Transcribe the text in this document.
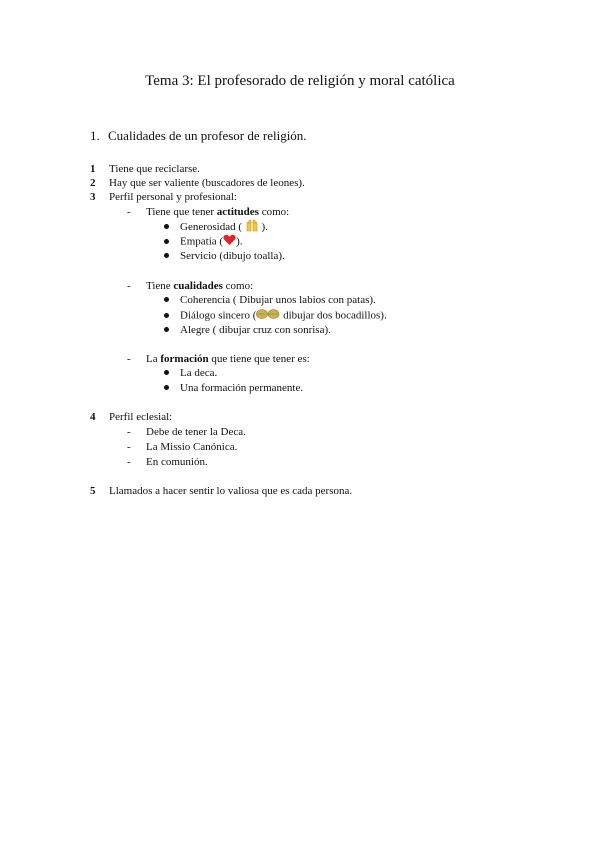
Tema 3: El profesorado de religión y moral católica
1. Cualidades de un profesor de religión.
1 Tiene que reciclarse.
2 Hay que ser valiente (buscadores de leones).
3 Perfil personal y profesional:
- Tiene que tener actitudes como:
Generosidad (  ).
Empatía ( ).
Servicio (dibujo toalla).
- Tiene cualidades como:
Coherencia ( Dibujar unos labios con patas).
Diálogo sincero ( dibujar dos bocadillos).
Alegre ( dibujar cruz con sonrisa).
- La formación que tiene que tener es:
La deca.
Una formación permanente.
4 Perfil eclesial:
- Debe de tener la Deca.
- La Missio Canónica.
- En comunión.
5 Llamados a hacer sentir lo valiosa que es cada persona.
